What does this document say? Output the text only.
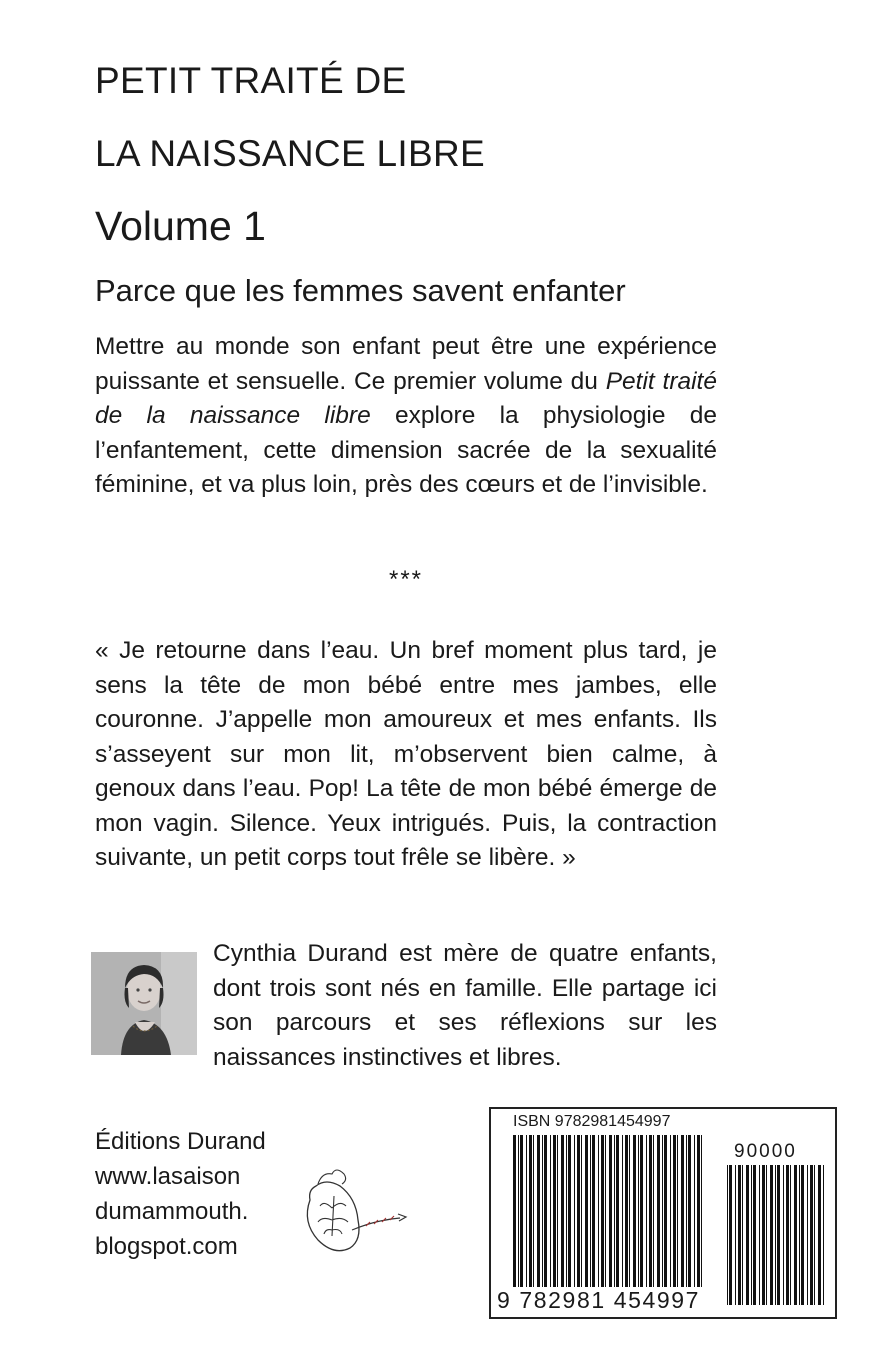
PETIT TRAITÉ DE
LA NAISSANCE LIBRE
Volume 1
Parce que les femmes savent enfanter

Mettre au monde son enfant peut être une expérience puissante et sensuelle. Ce premier volume du Petit traité de la naissance libre explore la physiologie de l’enfantement, cette dimension sacrée de la sexualité féminine, et va plus loin, près des cœurs et de l’invisible.

***

« Je retourne dans l’eau. Un bref moment plus tard, je sens la tête de mon bébé entre mes jambes, elle couronne. J’appelle mon amoureux et mes enfants. Ils s’asseyent sur mon lit, m’observent bien calme, à genoux dans l’eau. Pop! La tête de mon bébé émerge de mon vagin. Silence. Yeux intrigués. Puis, la contraction suivante, un petit corps tout frêle se libère. »

Cynthia Durand est mère de quatre enfants, dont trois sont nés en famille. Elle partage ici son parcours et ses réflexions sur les naissances instinctives et libres.

Éditions Durand
www.lasaison
dumammouth.
blogspot.com
ISBN 9782981454997
90000
9 782981 454997
